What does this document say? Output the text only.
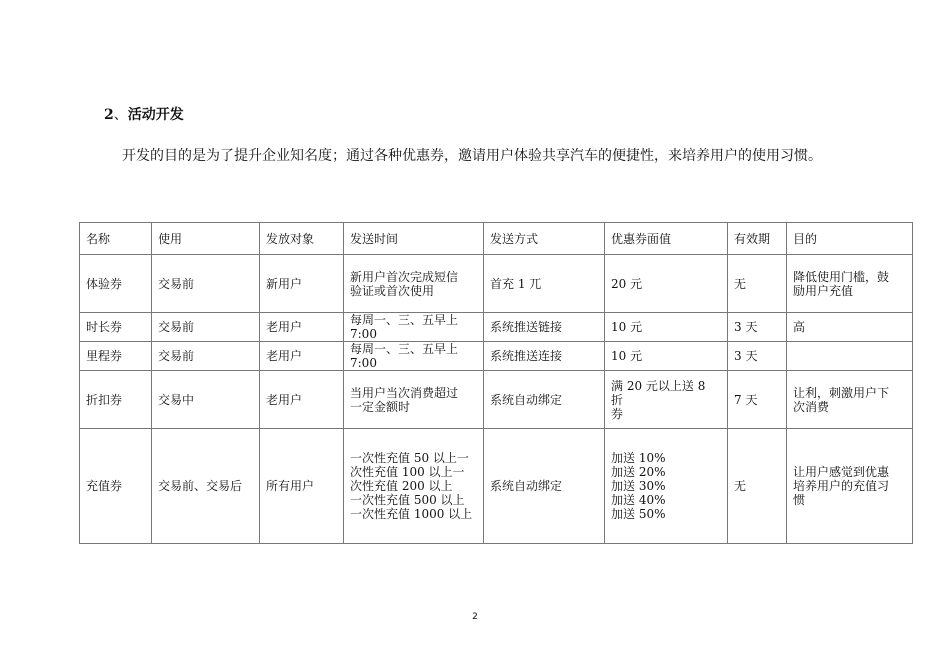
2、活动开发

开发的目的是为了提升企业知名度；通过各种优惠券，邀请用户体验共享汽车的便捷性，来培养用户的使用习惯。

名称	使用	发放对象	发送时间	发送方式	优惠券面值	有效期	目的
体验券	交易前	新用户	新用户首次完成短信
验证或首次使用	首充 1 兀	20 元	无	降低使用门槛，鼓
励用户充值
时长券	交易前	老用户	每周一、三、五早上
7:00	系统推送链接	10 元	3 天	高
里程券	交易前	老用户	每周一、三、五早上
7:00	系统推送连接	10 元	3 天	
折扣券	交易中	老用户	当用户当次消费超过
一定金额时	系统自动绑定	满 20 元以上送 8 折
券	7 天	让利，刺激用户下
次消费
充值券	交易前、交易后	所有用户	一次性充值 50 以上一
次性充值 100 以上一
次性充值 200 以上
一次性充值 500 以上
一次性充值 1000 以上	系统自动绑定	加送 10%
加送 20%
加送 30%
加送 40%
加送 50%	无	让用户感觉到优惠
培养用户的充值习
惯
2
